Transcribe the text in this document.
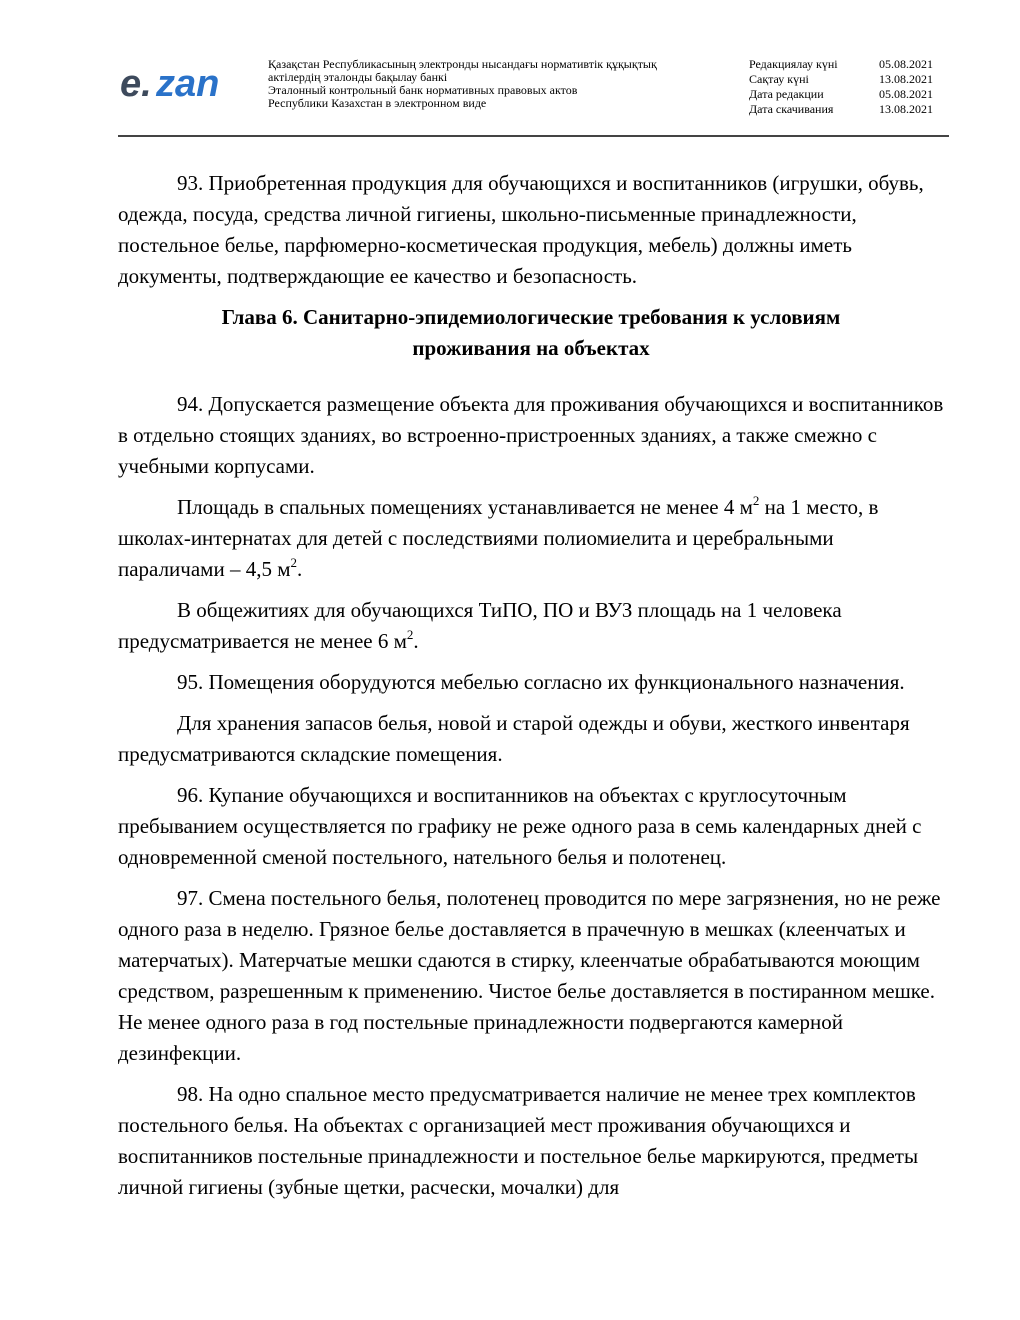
e. zan	Қазақстан Республикасының электронды нысандағы нормативтік құқықтық
актілердің эталонды бақылау банкі
Эталонный контрольный банк нормативных правовых актов
Республики Казахстан в электронном виде
Редакциялау күні	05.08.2021
Сақтау күні	13.08.2021
Дата редакции	05.08.2021
Дата скачивания	13.08.2021

93. Приобретенная продукция для обучающихся и воспитанников (игрушки, обувь, одежда, посуда, средства личной гигиены, школьно-письменные принадлежности, постельное белье, парфюмерно-косметическая продукция, мебель) должны иметь документы, подтверждающие ее качество и безопасность.

Глава 6. Санитарно-эпидемиологические требования к условиям
проживания на объектах

94. Допускается размещение объекта для проживания обучающихся и воспитанников в отдельно стоящих зданиях, во встроенно-пристроенных зданиях, а также смежно с учебными корпусами.

Площадь в спальных помещениях устанавливается не менее 4 $м^2$ на 1 место, в школах-интернатах для детей с последствиями полиомиелита и церебральными параличами – 4,5 $м^2$.

В общежитиях для обучающихся ТиПО, ПО и ВУЗ площадь на 1 человека предусматривается не менее 6 $м^2$.

95. Помещения оборудуются мебелью согласно их функционального назначения.

Для хранения запасов белья, новой и старой одежды и обуви, жесткого инвентаря предусматриваются складские помещения.

96. Купание обучающихся и воспитанников на объектах с круглосуточным пребыванием осуществляется по графику не реже одного раза в семь календарных дней с одновременной сменой постельного, нательного белья и полотенец.

97. Смена постельного белья, полотенец проводится по мере загрязнения, но не реже одного раза в неделю. Грязное белье доставляется в прачечную в мешках (клеенчатых и матерчатых). Матерчатые мешки сдаются в стирку, клеенчатые обрабатываются моющим средством, разрешенным к применению. Чистое белье доставляется в постиранном мешке. Не менее одного раза в год постельные принадлежности подвергаются камерной дезинфекции.

98. На одно спальное место предусматривается наличие не менее трех комплектов постельного белья. На объектах с организацией мест проживания обучающихся и воспитанников постельные принадлежности и постельное белье маркируются, предметы личной гигиены (зубные щетки, расчески, мочалки) для
